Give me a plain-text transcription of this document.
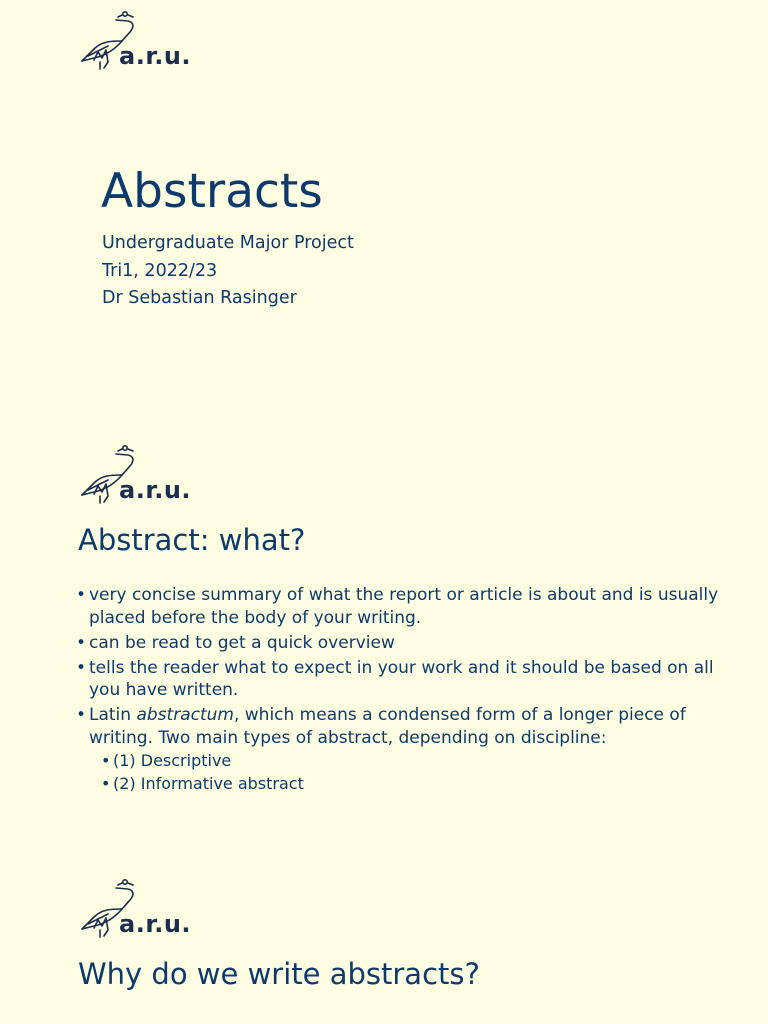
a.r.u.
Abstracts
Undergraduate Major Project
Tri1, 2022/23
Dr Sebastian Rasinger
a.r.u.
Abstract: what?
• very concise summary of what the report or article is about and is usually placed before the body of your writing.
• can be read to get a quick overview
• tells the reader what to expect in your work and it should be based on all you have written.
• Latin abstractum, which means a condensed form of a longer piece of writing. Two main types of abstract, depending on discipline:
• (1) Descriptive
• (2) Informative abstract
a.r.u.
Why do we write abstracts?
